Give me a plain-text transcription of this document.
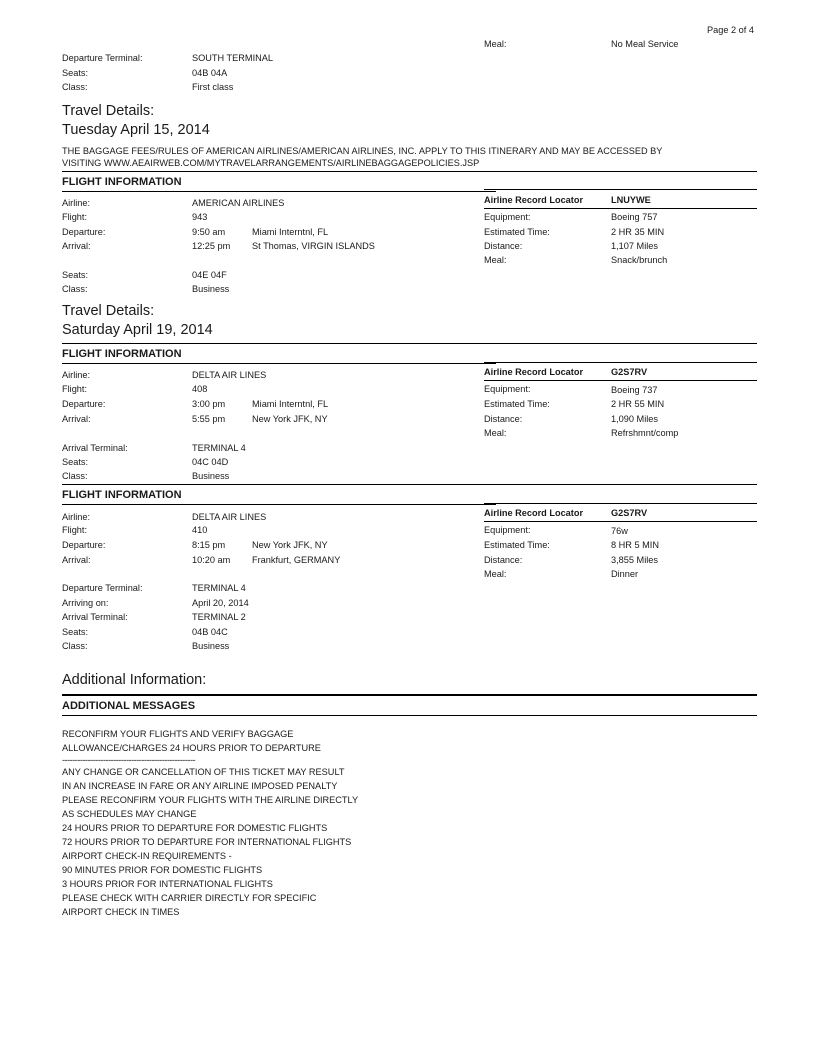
Page 2 of 4
Meal:	No Meal Service
Departure Terminal:	SOUTH TERMINAL
Seats:	04B 04A
Class:	First class
Travel Details:
Tuesday April 15, 2014
THE BAGGAGE FEES/RULES OF AMERICAN AIRLINES/AMERICAN AIRLINES, INC. APPLY TO THIS ITINERARY AND MAY BE ACCESSED BY
VISITING WWW.AEAIRWEB.COM/MYTRAVELARRANGEMENTS/AIRLINEBAGGAGEPOLICIES.JSP
FLIGHT INFORMATION
Airline:	AMERICAN AIRLINES
Flight:	943
Departure:	9:50 am	Miami Interntnl, FL
Arrival:	12:25 pm St Thomas, VIRGIN ISLANDS
Seats:	04E 04F
Class:	Business
Airline Record Locator	LNUYWE
Equipment:	Boeing 757
Estimated Time:	2 HR 35 MIN
Distance:	1,107 Miles
Meal:	Snack/brunch
Travel Details:
Saturday April 19, 2014
FLIGHT INFORMATION
Airline:	DELTA AIR LINES
Flight:	408
Departure:	3:00 pm	Miami Interntnl, FL
Arrival:	5:55 pm	New York JFK, NY
Arrival Terminal:	TERMINAL 4
Seats:	04C 04D
Class:	Business
Airline Record Locator	G2S7RV
Equipment:	Boeing 737
Estimated Time:	2 HR 55 MIN
Distance:	1,090 Miles
Meal:	Refrshmnt/comp
FLIGHT INFORMATION
Airline:	DELTA AIR LINES
Flight:	410
Departure:	8:15 pm	New York JFK, NY
Arrival:	10:20 am Frankfurt, GERMANY
Departure Terminal:	TERMINAL 4
Arriving on:	April 20, 2014
Arrival Terminal:	TERMINAL 2
Seats:	04B 04C
Class:	Business
Airline Record Locator	G2S7RV
Equipment:	76w
Estimated Time:	8 HR 5 MIN
Distance:	3,855 Miles
Meal:	Dinner
Additional Information:
ADDITIONAL MESSAGES
RECONFIRM YOUR FLIGHTS AND VERIFY BAGGAGE
ALLOWANCE/CHARGES 24 HOURS PRIOR TO DEPARTURE
----------------------------------------------------
ANY CHANGE OR CANCELLATION OF THIS TICKET MAY RESULT
IN AN INCREASE IN FARE OR ANY AIRLINE IMPOSED PENALTY
PLEASE RECONFIRM YOUR FLIGHTS WITH THE AIRLINE DIRECTLY
AS SCHEDULES MAY CHANGE
24 HOURS PRIOR TO DEPARTURE FOR DOMESTIC FLIGHTS
72 HOURS PRIOR TO DEPARTURE FOR INTERNATIONAL FLIGHTS
AIRPORT CHECK-IN REQUIREMENTS -
90 MINUTES PRIOR FOR DOMESTIC FLIGHTS
3 HOURS PRIOR FOR INTERNATIONAL FLIGHTS
PLEASE CHECK WITH CARRIER DIRECTLY FOR SPECIFIC
AIRPORT CHECK IN TIMES
